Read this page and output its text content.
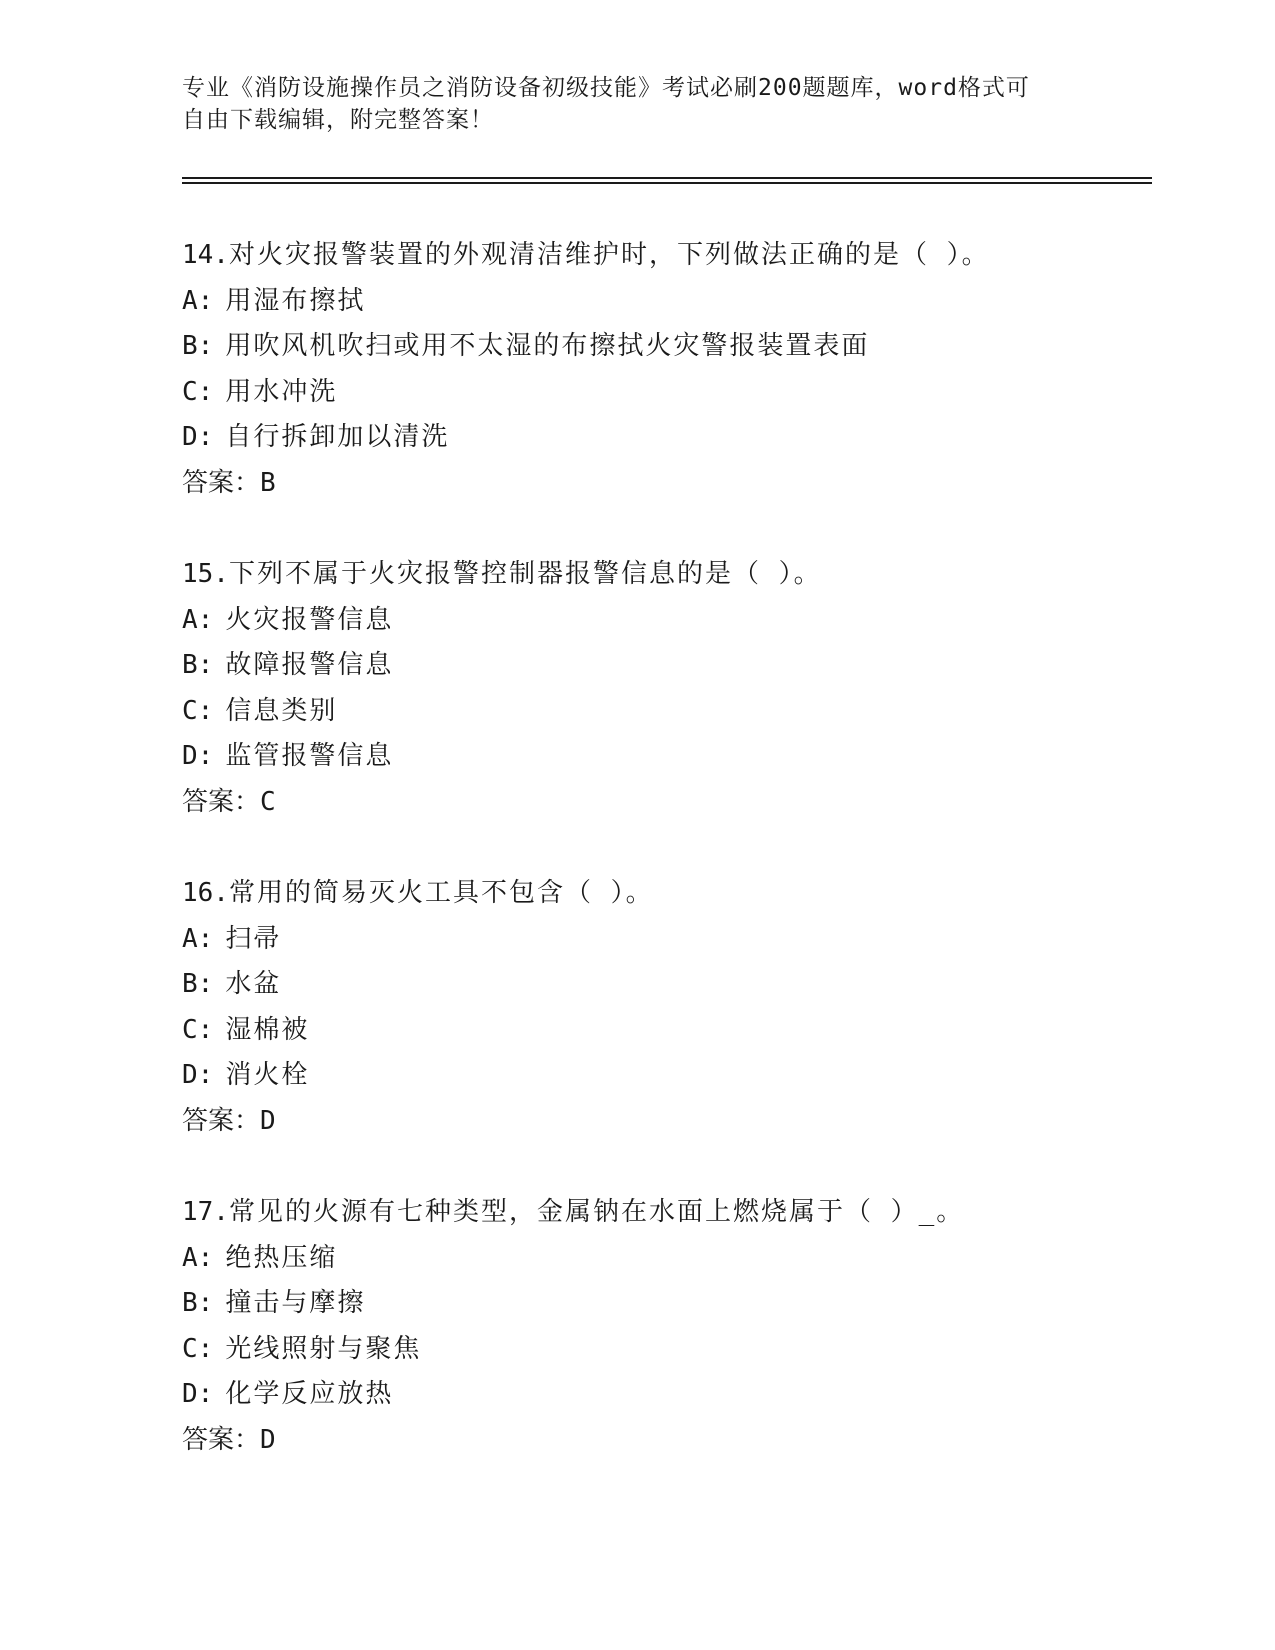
专业《消防设施操作员之消防设备初级技能》考试必刷200题题库，word格式可
自由下载编辑，附完整答案！
14.对火灾报警装置的外观清洁维护时，下列做法正确的是（ ）。
A: 用湿布擦拭
B: 用吹风机吹扫或用不太湿的布擦拭火灾警报装置表面
C: 用水冲洗
D: 自行拆卸加以清洗
答案：B
15.下列不属于火灾报警控制器报警信息的是（ ）。
A: 火灾报警信息
B: 故障报警信息
C: 信息类别
D: 监管报警信息
答案：C
16.常用的简易灭火工具不包含（ ）。
A: 扫帚
B: 水盆
C: 湿棉被
D: 消火栓
答案：D
17.常见的火源有七种类型，金属钠在水面上燃烧属于（ ）_。
A: 绝热压缩
B: 撞击与摩擦
C: 光线照射与聚焦
D: 化学反应放热
答案：D
